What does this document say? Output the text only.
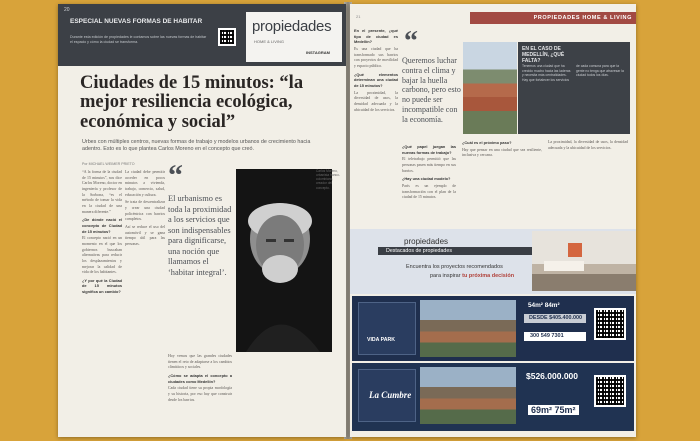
20
ESPECIAL NUEVAS FORMAS DE HABITAR
Durante esta edición de propiedades le contamos sobre las nuevas formas de habitar el espacio y cómo la ciudad se transforma.
propiedades
HOME & LIVING
INSTAGRAM
Ciudades de 15 minutos: “la mejor resiliencia ecológica, económica y social”

Urbes con múltiples centros, nuevas formas de trabajo y modelos urbanos de crecimiento hacia adentro. Esto es lo que plantea Carlos Moreno en el concepto que creó.

Por MICHAEL WEIMER PRIETO

“A la forma de la ciudad de 15 minutos”, nos dice Carlos Moreno, doctor en ingeniería y profesor de la Sorbona, “es el método de tomar la vida en la ciudad de una manera diferente.”

¿De dónde nació el concepto de Ciudad de 15 minutos?

El concepto nació en un momento en el que los gobiernos buscaban alternativas para reducir los desplazamientos y mejorar la calidad de vida de los habitantes.

¿Y por qué la Ciudad de 15 minutos significa un cambio?

La ciudad debe permitir acceder en pocos minutos a vivienda, trabajo, comercio, salud, educación y cultura.

Se trata de descentralizar y crear una ciudad policéntrica con barrios completos.

Así se reduce el uso del automóvil y se gana tiempo útil para las personas.

“

El urbanismo es toda la proximidad a los servicios que son indispensables para dignificarse, una noción que llamamos el ‘habitar integral’.

Hoy vemos que las grandes ciudades tienen el reto de adaptarse a los cambios climáticos y sociales.

¿Cómo se adapta el concepto a ciudades como Medellín?

Cada ciudad tiene su propia morfología y su historia, por eso hay que construir desde los barrios.

Carlos Moreno, urbanista franco-colombiano, creador del concepto.
21	PROPIEDADES HOME & LIVING

En el presente, ¿qué tipo de ciudad es Medellín?

Es una ciudad que ha transformado sus barrios con proyectos de movilidad y espacio público.

¿Qué elementos determinan una ciudad de 15 minutos?

La proximidad, la diversidad de usos, la densidad adecuada y la ubicuidad de los servicios.

“

Queremos luchar contra el clima y bajar la huella carbono, pero esto no puede ser incompatible con la economía.

¿Qué papel juegan las nuevas formas de trabajo?

El teletrabajo permitió que las personas pasen más tiempo en sus barrios.

¿Hay una ciudad modelo?

París es un ejemplo de transformación con el plan de la ciudad de 15 minutos.

EN EL CASO DE MEDELLÍN, ¿QUÉ FALTA?
Tenemos una ciudad que ha crecido mucho hacia las laderas y necesita más centralidades. Hay que fortalecer los servicios de cada comuna para que la gente no tenga que atravesar la ciudad todos los días.

¿Cuál es el próximo paso?

Hay que pensar en una ciudad que sea resiliente, inclusiva y cercana.

La proximidad, la diversidad de usos, la densidad adecuada y la ubicuidad de los servicios.

propiedades
Destacados de propiedades
Encuentra los proyectos recomendados
para inspirar tu próxima decisión
VIDA PARK
54m² 84m²
DESDE $405.400.000
300 549 7301
La Cumbre
$526.000.000
69m² 75m²
